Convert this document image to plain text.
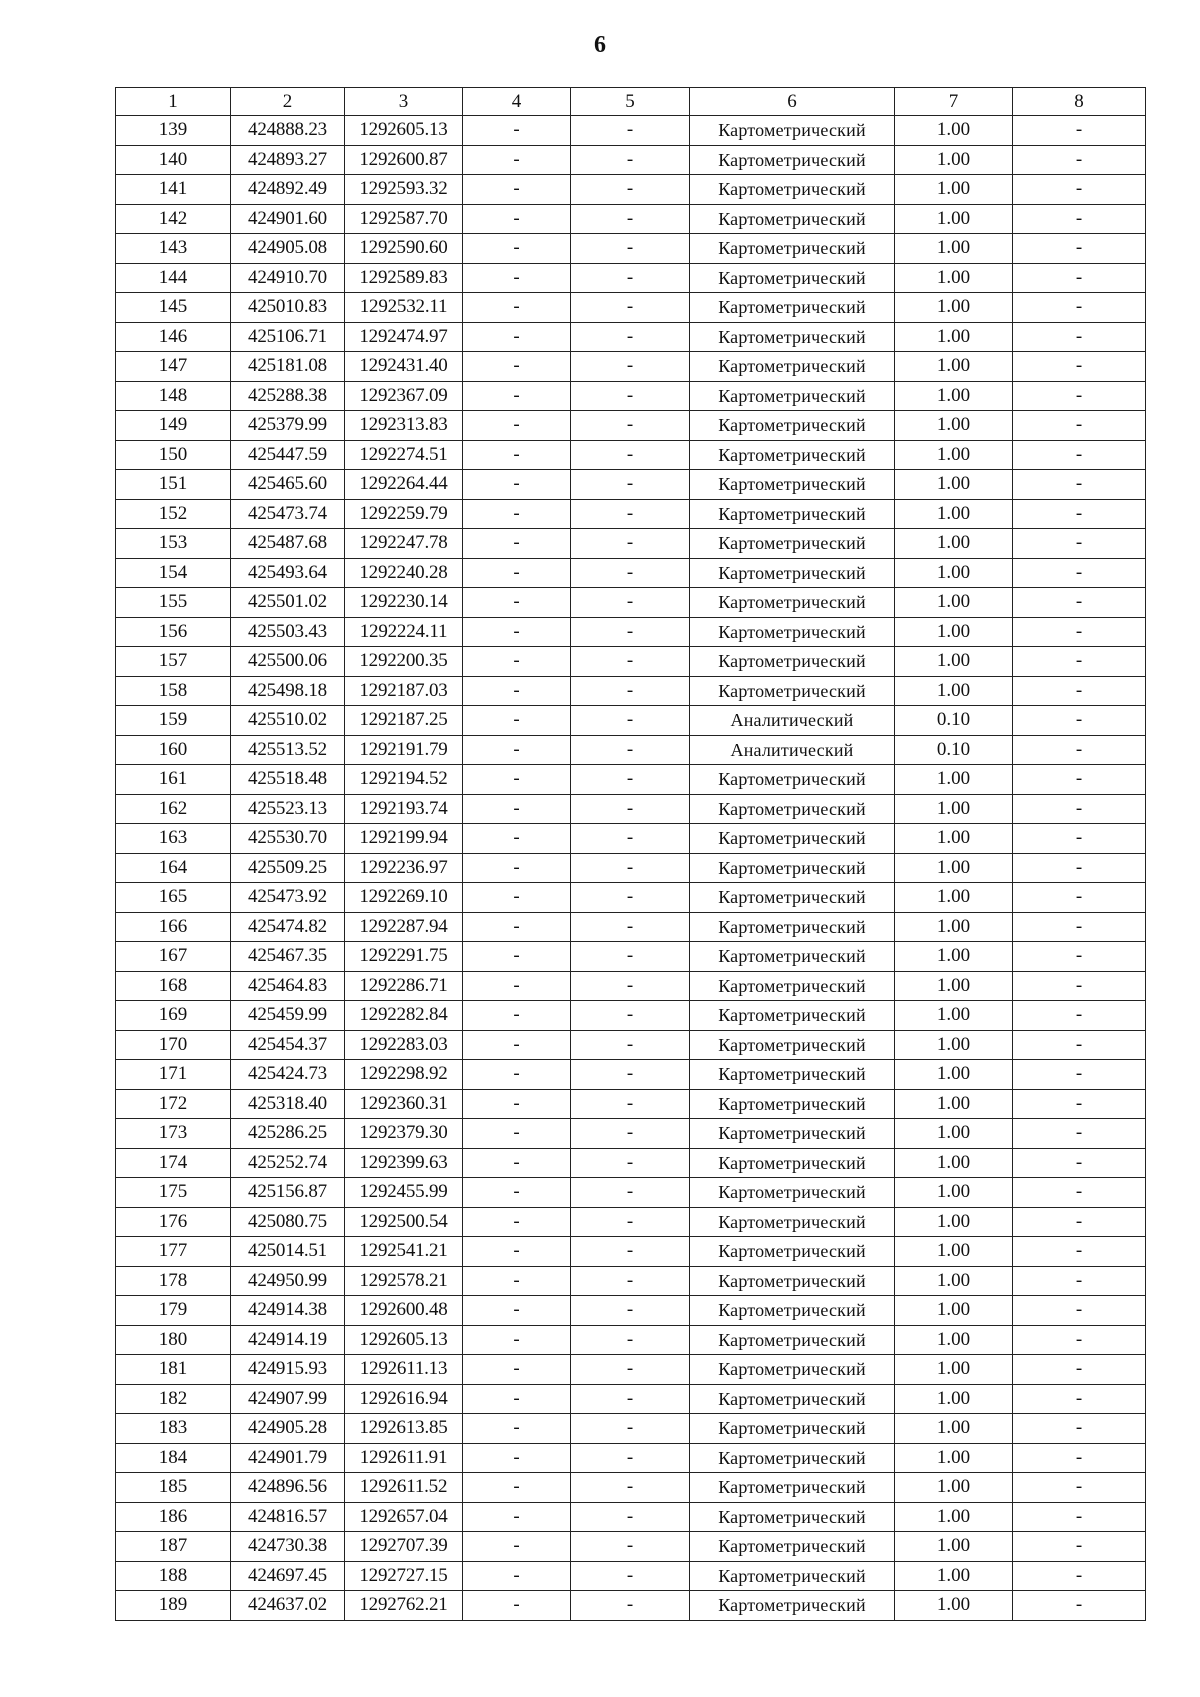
6
1	2	3	4	5	6	7	8
139	424888.23	1292605.13	-	-	Картометрический	1.00	-
140	424893.27	1292600.87	-	-	Картометрический	1.00	-
141	424892.49	1292593.32	-	-	Картометрический	1.00	-
142	424901.60	1292587.70	-	-	Картометрический	1.00	-
143	424905.08	1292590.60	-	-	Картометрический	1.00	-
144	424910.70	1292589.83	-	-	Картометрический	1.00	-
145	425010.83	1292532.11	-	-	Картометрический	1.00	-
146	425106.71	1292474.97	-	-	Картометрический	1.00	-
147	425181.08	1292431.40	-	-	Картометрический	1.00	-
148	425288.38	1292367.09	-	-	Картометрический	1.00	-
149	425379.99	1292313.83	-	-	Картометрический	1.00	-
150	425447.59	1292274.51	-	-	Картометрический	1.00	-
151	425465.60	1292264.44	-	-	Картометрический	1.00	-
152	425473.74	1292259.79	-	-	Картометрический	1.00	-
153	425487.68	1292247.78	-	-	Картометрический	1.00	-
154	425493.64	1292240.28	-	-	Картометрический	1.00	-
155	425501.02	1292230.14	-	-	Картометрический	1.00	-
156	425503.43	1292224.11	-	-	Картометрический	1.00	-
157	425500.06	1292200.35	-	-	Картометрический	1.00	-
158	425498.18	1292187.03	-	-	Картометрический	1.00	-
159	425510.02	1292187.25	-	-	Аналитический	0.10	-
160	425513.52	1292191.79	-	-	Аналитический	0.10	-
161	425518.48	1292194.52	-	-	Картометрический	1.00	-
162	425523.13	1292193.74	-	-	Картометрический	1.00	-
163	425530.70	1292199.94	-	-	Картометрический	1.00	-
164	425509.25	1292236.97	-	-	Картометрический	1.00	-
165	425473.92	1292269.10	-	-	Картометрический	1.00	-
166	425474.82	1292287.94	-	-	Картометрический	1.00	-
167	425467.35	1292291.75	-	-	Картометрический	1.00	-
168	425464.83	1292286.71	-	-	Картометрический	1.00	-
169	425459.99	1292282.84	-	-	Картометрический	1.00	-
170	425454.37	1292283.03	-	-	Картометрический	1.00	-
171	425424.73	1292298.92	-	-	Картометрический	1.00	-
172	425318.40	1292360.31	-	-	Картометрический	1.00	-
173	425286.25	1292379.30	-	-	Картометрический	1.00	-
174	425252.74	1292399.63	-	-	Картометрический	1.00	-
175	425156.87	1292455.99	-	-	Картометрический	1.00	-
176	425080.75	1292500.54	-	-	Картометрический	1.00	-
177	425014.51	1292541.21	-	-	Картометрический	1.00	-
178	424950.99	1292578.21	-	-	Картометрический	1.00	-
179	424914.38	1292600.48	-	-	Картометрический	1.00	-
180	424914.19	1292605.13	-	-	Картометрический	1.00	-
181	424915.93	1292611.13	-	-	Картометрический	1.00	-
182	424907.99	1292616.94	-	-	Картометрический	1.00	-
183	424905.28	1292613.85	-	-	Картометрический	1.00	-
184	424901.79	1292611.91	-	-	Картометрический	1.00	-
185	424896.56	1292611.52	-	-	Картометрический	1.00	-
186	424816.57	1292657.04	-	-	Картометрический	1.00	-
187	424730.38	1292707.39	-	-	Картометрический	1.00	-
188	424697.45	1292727.15	-	-	Картометрический	1.00	-
189	424637.02	1292762.21	-	-	Картометрический	1.00	-
